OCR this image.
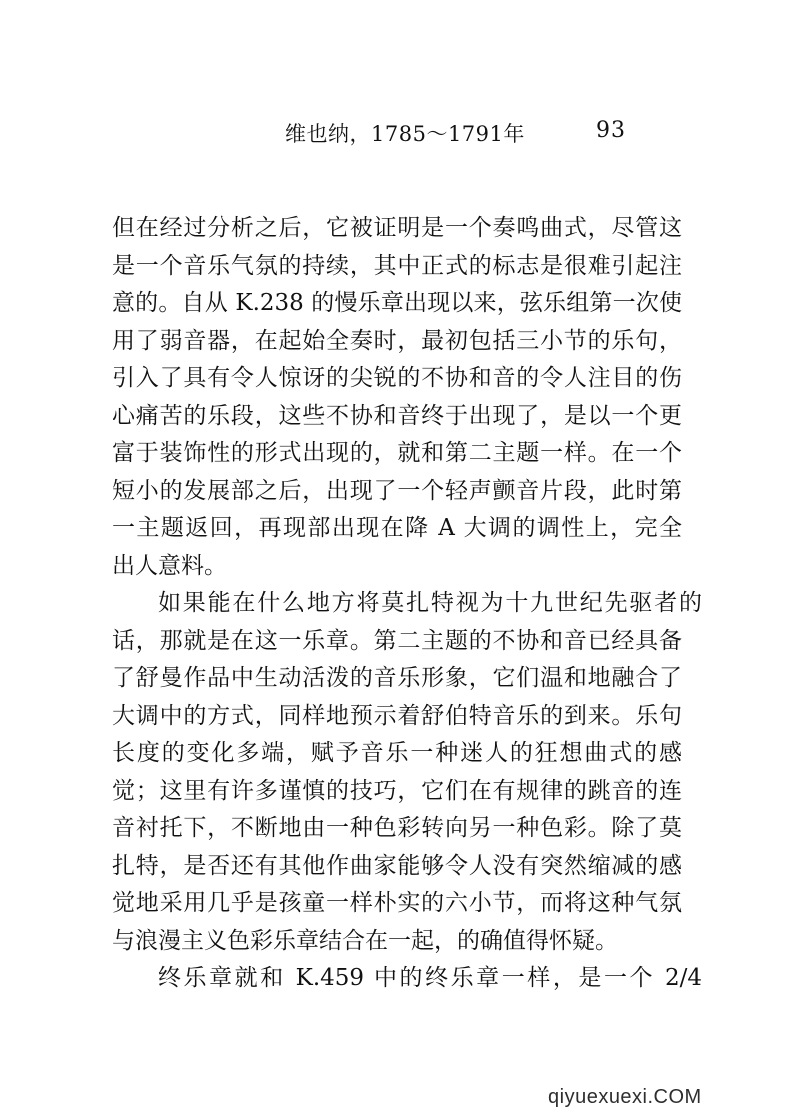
维也纳，1785～1791年	93
但在经过分析之后，它被证明是一个奏鸣曲式，尽管这
是一个音乐气氛的持续，其中正式的标志是很难引起注
意的。自从 K.238 的慢乐章出现以来，弦乐组第一次使
用了弱音器，在起始全奏时，最初包括三小节的乐句，
引入了具有令人惊讶的尖锐的不协和音的令人注目的伤
心痛苦的乐段，这些不协和音终于出现了，是以一个更
富于装饰性的形式出现的，就和第二主题一样。在一个
短小的发展部之后，出现了一个轻声颤音片段，此时第
一主题返回，再现部出现在降 A 大调的调性上，完全
出人意料。
如果能在什么地方将莫扎特视为十九世纪先驱者的
话，那就是在这一乐章。第二主题的不协和音已经具备
了舒曼作品中生动活泼的音乐形象，它们温和地融合了
大调中的方式，同样地预示着舒伯特音乐的到来。乐句
长度的变化多端，赋予音乐一种迷人的狂想曲式的感
觉；这里有许多谨慎的技巧，它们在有规律的跳音的连
音衬托下，不断地由一种色彩转向另一种色彩。除了莫
扎特，是否还有其他作曲家能够令人没有突然缩减的感
觉地采用几乎是孩童一样朴实的六小节，而将这种气氛
与浪漫主义色彩乐章结合在一起，的确值得怀疑。
终乐章就和 K.459 中的终乐章一样，是一个 2/4
qiyuexuexi.COM
